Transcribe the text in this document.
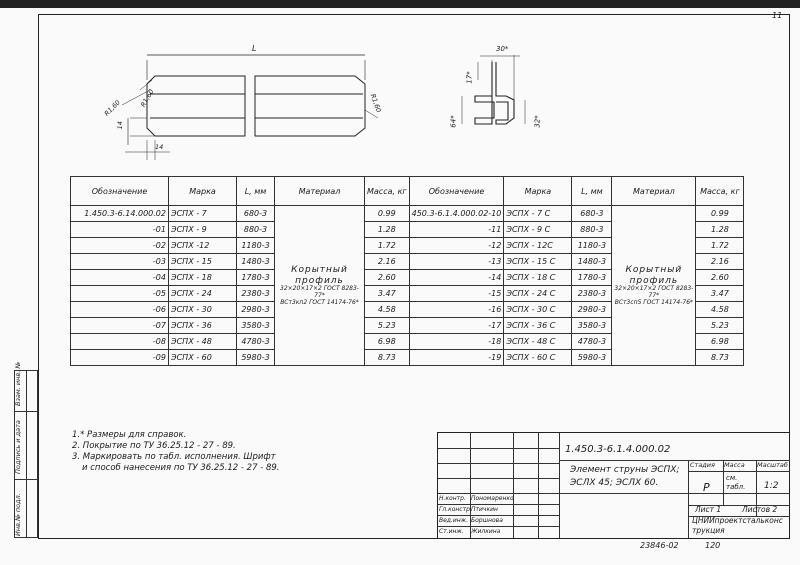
11
L
R1,60
R1,60	R1,60
14
14
30*
17*
64*	32*
Обозначение	Марка	L, мм	Материал	Масса, кг	Обозначение	Марка	L, мм	Материал	Масса, кг
1.450.3-6.14.000.02	ЭСПХ - 7	680-3	Корытный профиль
32×20×17×2 ГОСТ 8283-77*
ВСт3кп2 ГОСТ 14174-76*	0.99	450.3-6.1.4.000.02-10	ЭСПХ - 7 С	680-3	Корытный профиль
32×20×17×2 ГОСТ 8283-77*
ВСт3сп5 ГОСТ 14174-76*	0.99
-01	ЭСПХ - 9	880-3		1.28	-11	ЭСПХ - 9 С	880-3		1.28
-02	ЭСПХ -12	1180-3		1.72	-12	ЭСПХ - 12С	1180-3		1.72
-03	ЭСПХ - 15	1480-3		2.16	-13	ЭСПХ - 15 С	1480-3		2.16
-04	ЭСПХ - 18	1780-3		2.60	-14	ЭСПХ - 18 С	1780-3		2.60
-05	ЭСПХ - 24	2380-3		3.47	-15	ЭСПХ - 24 С	2380-3		3.47
-06	ЭСПХ - 30	2980-3		4.58	-16	ЭСПХ - 30 С	2980-3		4.58
-07	ЭСПХ - 36	3580-3		5.23	-17	ЭСПХ - 36 С	3580-3		5.23
-08	ЭСПХ - 48	4780-3		6.98	-18	ЭСПХ - 48 С	4780-3		6.98
-09	ЭСПХ - 60	5980-3		8.73	-19	ЭСПХ - 60 С	5980-3		8.73
1.* Размеры для справок.
2. Покрытие по ТУ 36.25.12 - 27 - 89.
3. Маркировать по табл. исполнения. Шрифт
и способ нанесения по ТУ 36.25.12 - 27 - 89.
Инв.№ подл.
Подпись и дата
Взам. инв. №
1.450.3-6.1.4.000.02
Элемент струны ЭСПХ; ЭСЛХ 45; ЭСЛХ 60.
Стадия Масса Масштаб
Р
см. табл.	1:2
Лист 1	Листов 2
ЦНИИпроектстальконструкция
Н.контр.
Гл.констр.
Вед.инж.
Ст.инж.
Пономаренко
Птичкин
Боршнова
Жилкина
23846-02	120
